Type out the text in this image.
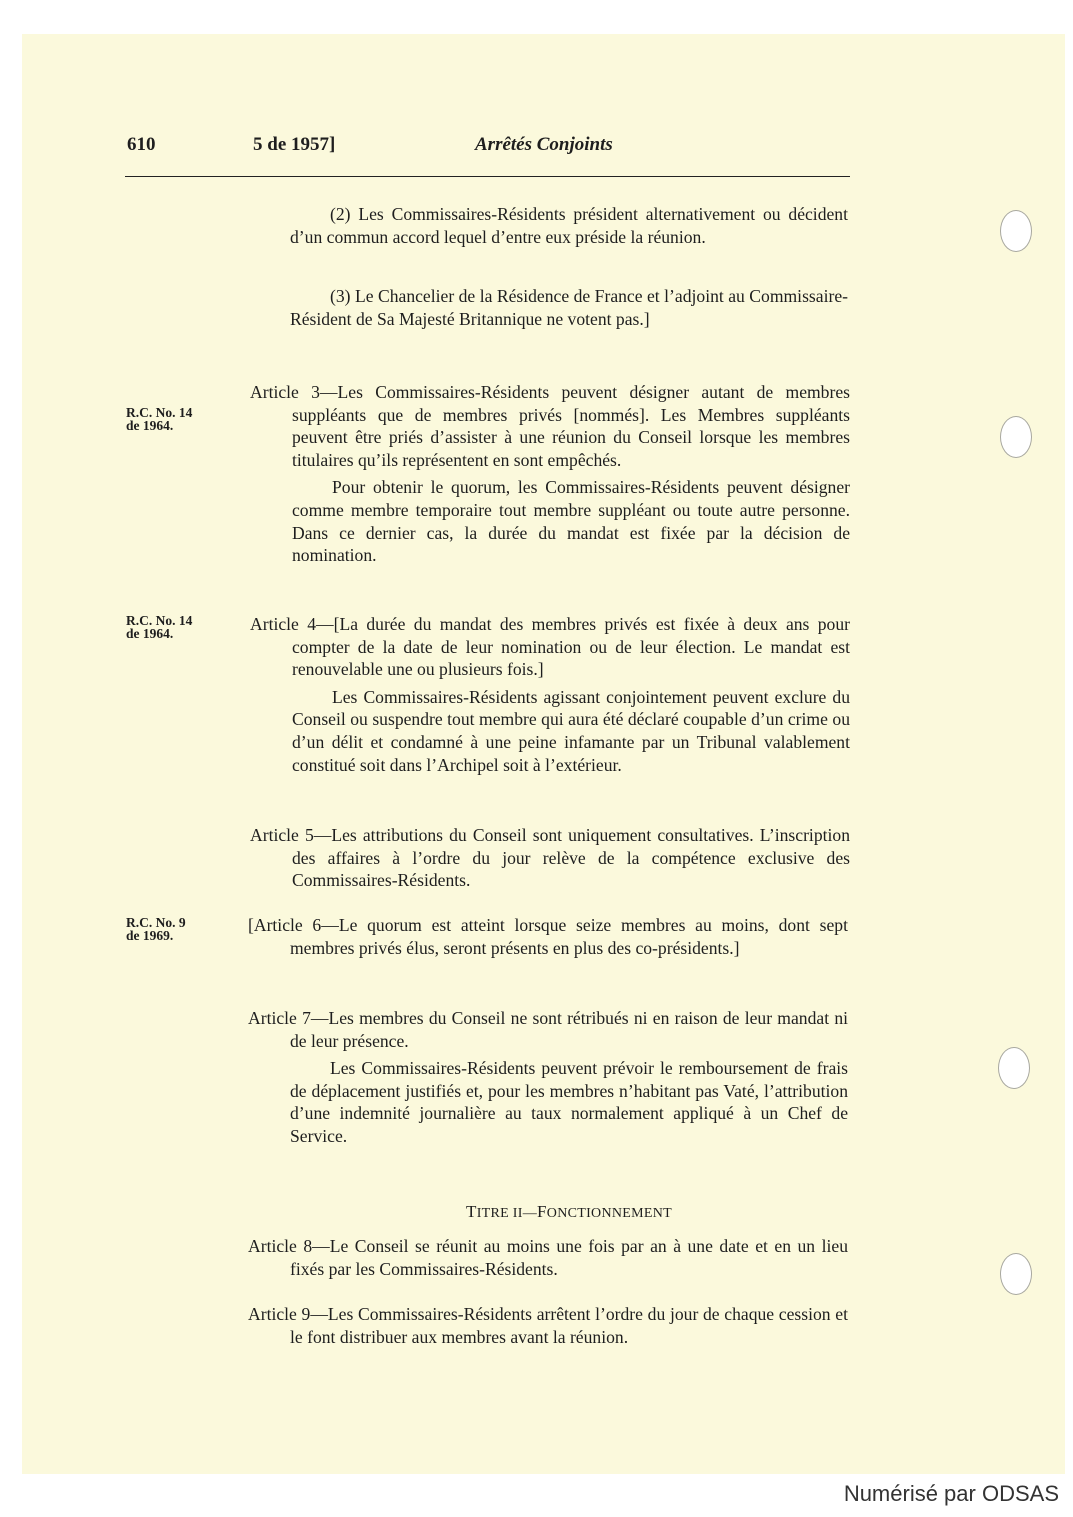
610	5 de 1957]	Arrêtés Conjoints
(2) Les Commissaires-Résidents président alternativement ou décident d’un commun accord lequel d’entre eux préside la réunion.
(3) Le Chancelier de la Résidence de France et l’adjoint au Commissaire-Résident de Sa Majesté Britannique ne votent pas.]
R.C. No. 14
de 1964.
R.C. No. 14
de 1964.
R.C. No. 9
de 1969.

Article 3—Les Commissaires-Résidents peuvent désigner autant de membres suppléants que de membres privés [nommés]. Les Membres suppléants peuvent être priés d’assister à une réunion du Conseil lorsque les membres titulaires qu’ils représentent en sont empêchés.

Pour obtenir le quorum, les Commissaires-Résidents peuvent désigner comme membre temporaire tout membre suppléant ou toute autre personne. Dans ce dernier cas, la durée du mandat est fixée par la décision de nomination.

Article 4—[La durée du mandat des membres privés est fixée à deux ans pour compter de la date de leur nomination ou de leur élection. Le mandat est renouvelable une ou plusieurs fois.]

Les Commissaires-Résidents agissant conjointement peuvent exclure du Conseil ou suspendre tout membre qui aura été déclaré coupable d’un crime ou d’un délit et condamné à une peine infamante par un Tribunal valablement constitué soit dans l’Archipel soit à l’extérieur.

Article 5—Les attributions du Conseil sont uniquement consultatives. L’inscription des affaires à l’ordre du jour relève de la compétence exclusive des Commissaires-Résidents.

[Article 6—Le quorum est atteint lorsque seize membres au moins, dont sept membres privés élus, seront présents en plus des co-présidents.]

Article 7—Les membres du Conseil ne sont rétribués ni en raison de leur mandat ni de leur présence.

Les Commissaires-Résidents peuvent prévoir le remboursement de frais de déplacement justifiés et, pour les membres n’habitant pas Vaté, l’attribution d’une indemnité journalière au taux normalement appliqué à un Chef de Service.

TITRE II—FONCTIONNEMENT

Article 8—Le Conseil se réunit au moins une fois par an à une date et en un lieu fixés par les Commissaires-Résidents.

Article 9—Les Commissaires-Résidents arrêtent l’ordre du jour de chaque cession et le font distribuer aux membres avant la réunion.

Numérisé par ODSAS
